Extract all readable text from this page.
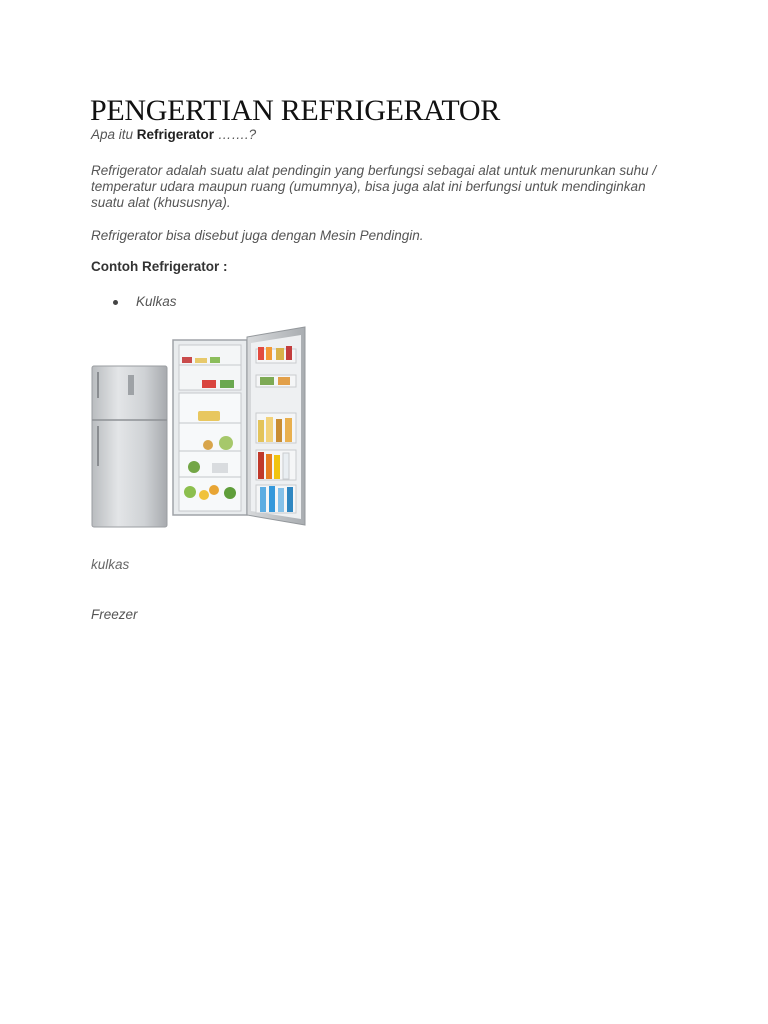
PENGERTIAN REFRIGERATOR

Apa itu Refrigerator …….?

Refrigerator adalah suatu alat pendingin yang berfungsi sebagai alat untuk menurunkan suhu / temperatur udara maupun ruang (umumnya), bisa juga alat ini berfungsi untuk mendinginkan suatu alat (khususnya).

Refrigerator bisa disebut juga dengan Mesin Pendingin.

Contoh Refrigerator :

Kulkas

kulkas

Freezer
